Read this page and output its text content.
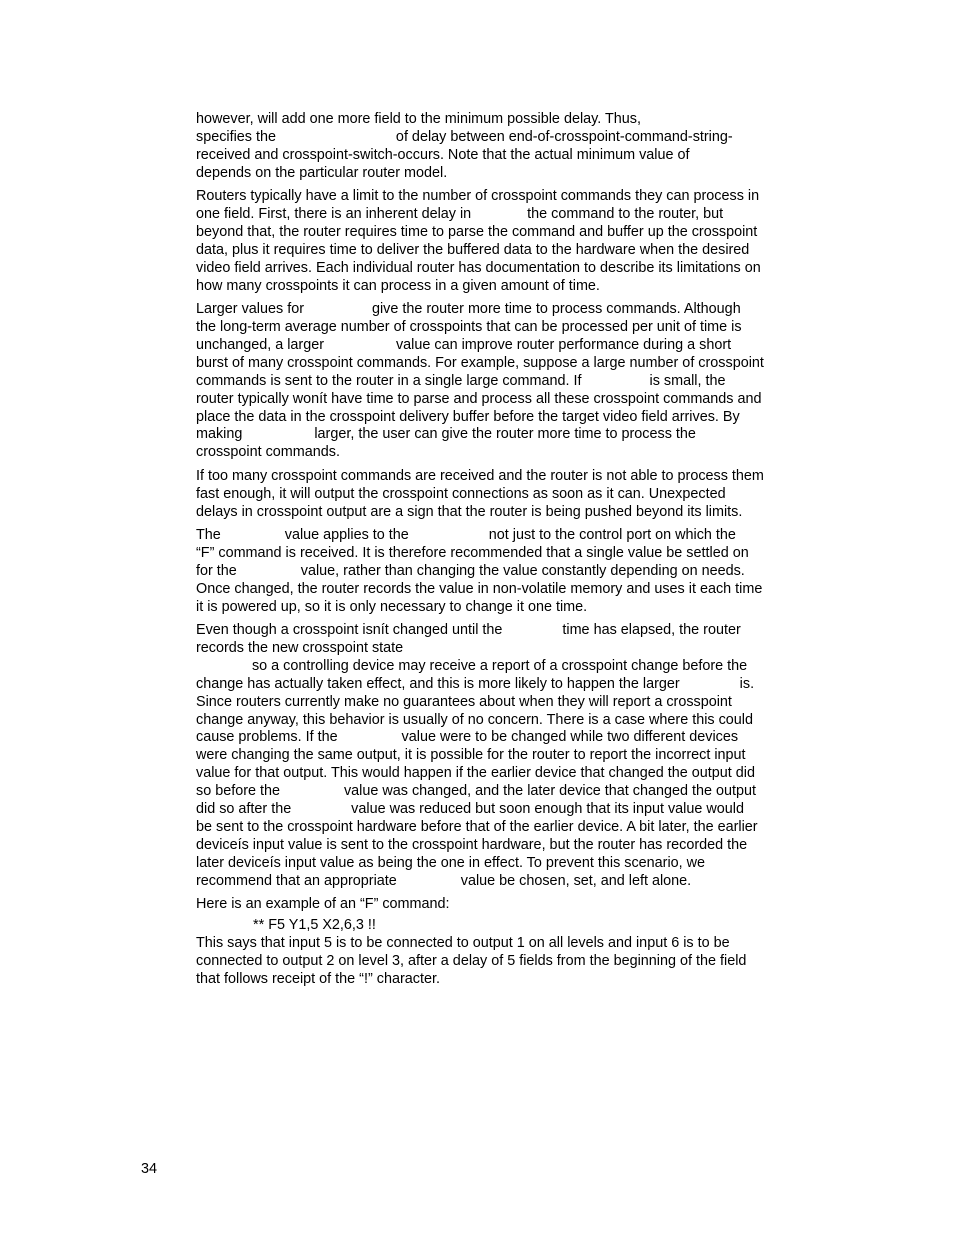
however, will add one more field to the minimum possible delay. Thus,
specifies the                              of delay between end-of-crosspoint-command-string-
received and crosspoint-switch-occurs. Note that the actual minimum value of
depends on the particular router model.
Routers typically have a limit to the number of crosspoint commands they can process in
one field. First, there is an inherent delay in              the command to the router, but
beyond that, the router requires time to parse the command and buffer up the crosspoint
data, plus it requires time to deliver the buffered data to the hardware when the desired
video field arrives. Each individual router has documentation to describe its limitations on
how many crosspoints it can process in a given amount of time.
Larger values for                 give the router more time to process commands. Although
the long-term average number of crosspoints that can be processed per unit of time is
unchanged, a larger                  value can improve router performance during a short
burst of many crosspoint commands. For example, suppose a large number of crosspoint
commands is sent to the router in a single large command. If                 is small, the
router typically wonít have time to parse and process all these crosspoint commands and
place the data in the crosspoint delivery buffer before the target video field arrives. By
making                  larger, the user can give the router more time to process the
crosspoint commands.
If too many crosspoint commands are received and the router is not able to process them
fast enough, it will output the crosspoint connections as soon as it can. Unexpected
delays in crosspoint output are a sign that the router is being pushed beyond its limits.
The                value applies to the                    not just to the control port on which the
“F” command is received. It is therefore recommended that a single value be settled on
for the                value, rather than changing the value constantly depending on needs.
Once changed, the router records the value in non-volatile memory and uses it each time
it is powered up, so it is only necessary to change it one time.
Even though a crosspoint isnít changed until the               time has elapsed, the router
records the new crosspoint state
so a controlling device may receive a report of a crosspoint change before the
change has actually taken effect, and this is more likely to happen the larger               is.
Since routers currently make no guarantees about when they will report a crosspoint
change anyway, this behavior is usually of no concern. There is a case where this could
cause problems. If the                value were to be changed while two different devices
were changing the same output, it is possible for the router to report the incorrect input
value for that output. This would happen if the earlier device that changed the output did
so before the                value was changed, and the later device that changed the output
did so after the               value was reduced but soon enough that its input value would
be sent to the crosspoint hardware before that of the earlier device. A bit later, the earlier
deviceís input value is sent to the crosspoint hardware, but the router has recorded the
later deviceís input value as being the one in effect. To prevent this scenario, we
recommend that an appropriate                value be chosen, set, and left alone.
Here is an example of an “F” command:
** F5 Y1,5 X2,6,3 !!
This says that input 5 is to be connected to output 1 on all levels and input 6 is to be
connected to output 2 on level 3, after a delay of 5 fields from the beginning of the field
that follows receipt of the “!” character.
34
